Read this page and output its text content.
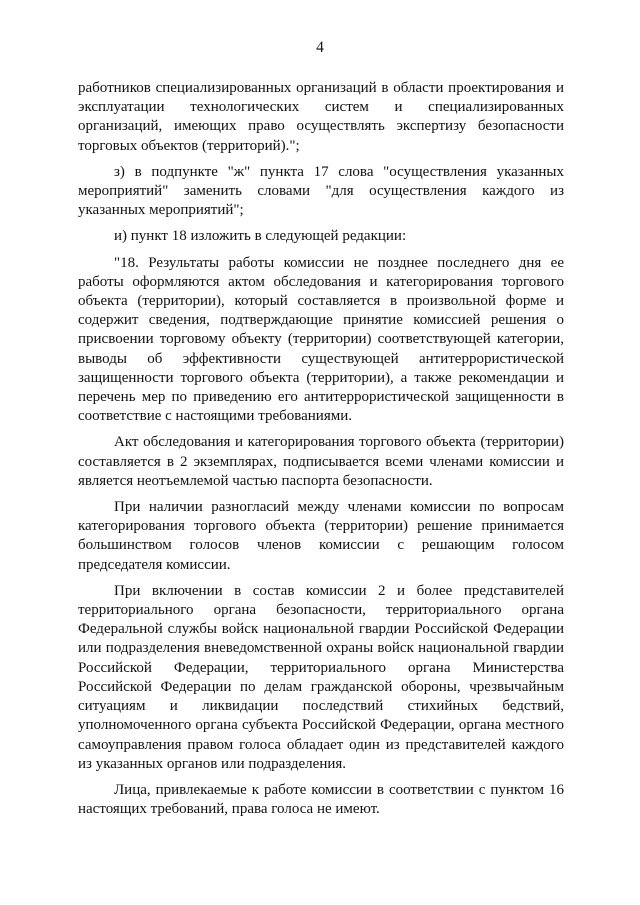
4

работников специализированных организаций в области проектирования и эксплуатации технологических систем и специализированных организаций, имеющих право осуществлять экспертизу безопасности торговых объектов (территорий).";

з) в подпункте "ж" пункта 17 слова "осуществления указанных мероприятий" заменить словами "для осуществления каждого из указанных мероприятий";

и) пункт 18 изложить в следующей редакции:

"18. Результаты работы комиссии не позднее последнего дня ее работы оформляются актом обследования и категорирования торгового объекта (территории), который составляется в произвольной форме и содержит сведения, подтверждающие принятие комиссией решения о присвоении торговому объекту (территории) соответствующей категории, выводы об эффективности существующей антитеррористической защищенности торгового объекта (территории), а также рекомендации и перечень мер по приведению его антитеррористической защищенности в соответствие с настоящими требованиями.

Акт обследования и категорирования торгового объекта (территории) составляется в 2 экземплярах, подписывается всеми членами комиссии и является неотъемлемой частью паспорта безопасности.

При наличии разногласий между членами комиссии по вопросам категорирования торгового объекта (территории) решение принимается большинством голосов членов комиссии с решающим голосом председателя комиссии.

При включении в состав комиссии 2 и более представителей территориального органа безопасности, территориального органа Федеральной службы войск национальной гвардии Российской Федерации или подразделения вневедомственной охраны войск национальной гвардии Российской Федерации, территориального органа Министерства Российской Федерации по делам гражданской обороны, чрезвычайным ситуациям и ликвидации последствий стихийных бедствий, уполномоченного органа субъекта Российской Федерации, органа местного самоуправления правом голоса обладает один из представителей каждого из указанных органов или подразделения.

Лица, привлекаемые к работе комиссии в соответствии с пунктом 16 настоящих требований, права голоса не имеют.
